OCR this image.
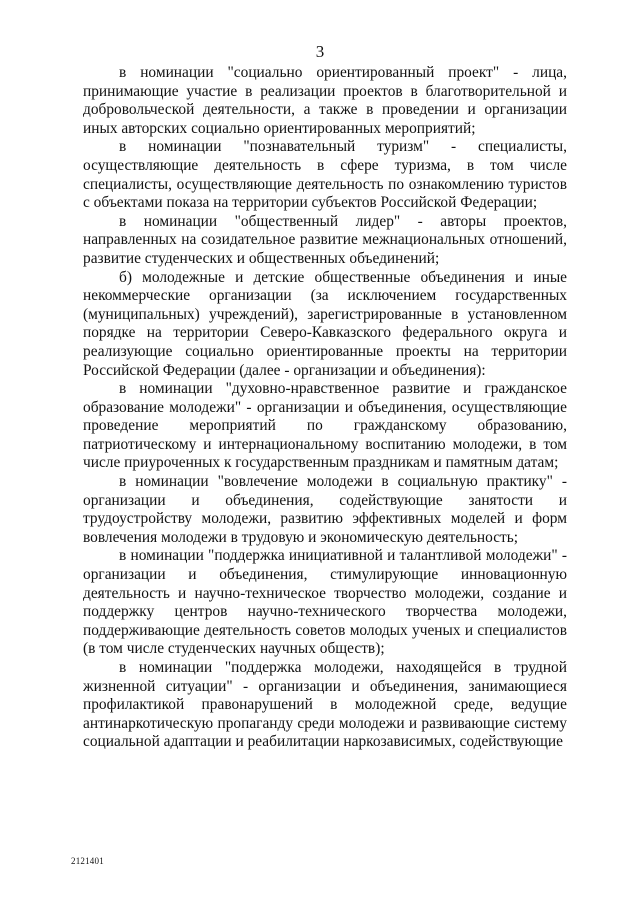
3

в номинации "социально ориентированный проект" - лица, принимающие участие в реализации проектов в благотворительной и добровольческой деятельности, а также в проведении и организации иных авторских социально ориентированных мероприятий;

в номинации "познавательный туризм" - специалисты, осуществляющие деятельность в сфере туризма, в том числе специалисты, осуществляющие деятельность по ознакомлению туристов с объектами показа на территории субъектов Российской Федерации;

в номинации "общественный лидер" - авторы проектов, направленных на созидательное развитие межнациональных отношений, развитие студенческих и общественных объединений;

б) молодежные и детские общественные объединения и иные некоммерческие организации (за исключением государственных (муниципальных) учреждений), зарегистрированные в установленном порядке на территории Северо-Кавказского федерального округа и реализующие социально ориентированные проекты на территории Российской Федерации (далее - организации и объединения):

в номинации "духовно-нравственное развитие и гражданское образование молодежи" - организации и объединения, осуществляющие проведение мероприятий по гражданскому образованию, патриотическому и интернациональному воспитанию молодежи, в том числе приуроченных к государственным праздникам и памятным датам;

в номинации "вовлечение молодежи в социальную практику" - организации и объединения, содействующие занятости и трудоустройству молодежи, развитию эффективных моделей и форм вовлечения молодежи в трудовую и экономическую деятельность;

в номинации "поддержка инициативной и талантливой молодежи" - организации и объединения, стимулирующие инновационную деятельность и научно-техническое творчество молодежи, создание и поддержку центров научно-технического творчества молодежи, поддерживающие деятельность советов молодых ученых и специалистов (в том числе студенческих научных обществ);

в номинации "поддержка молодежи, находящейся в трудной жизненной ситуации" - организации и объединения, занимающиеся профилактикой правонарушений в молодежной среде, ведущие антинаркотическую пропаганду среди молодежи и развивающие систему социальной адаптации и реабилитации наркозависимых, содействующие

2121401
